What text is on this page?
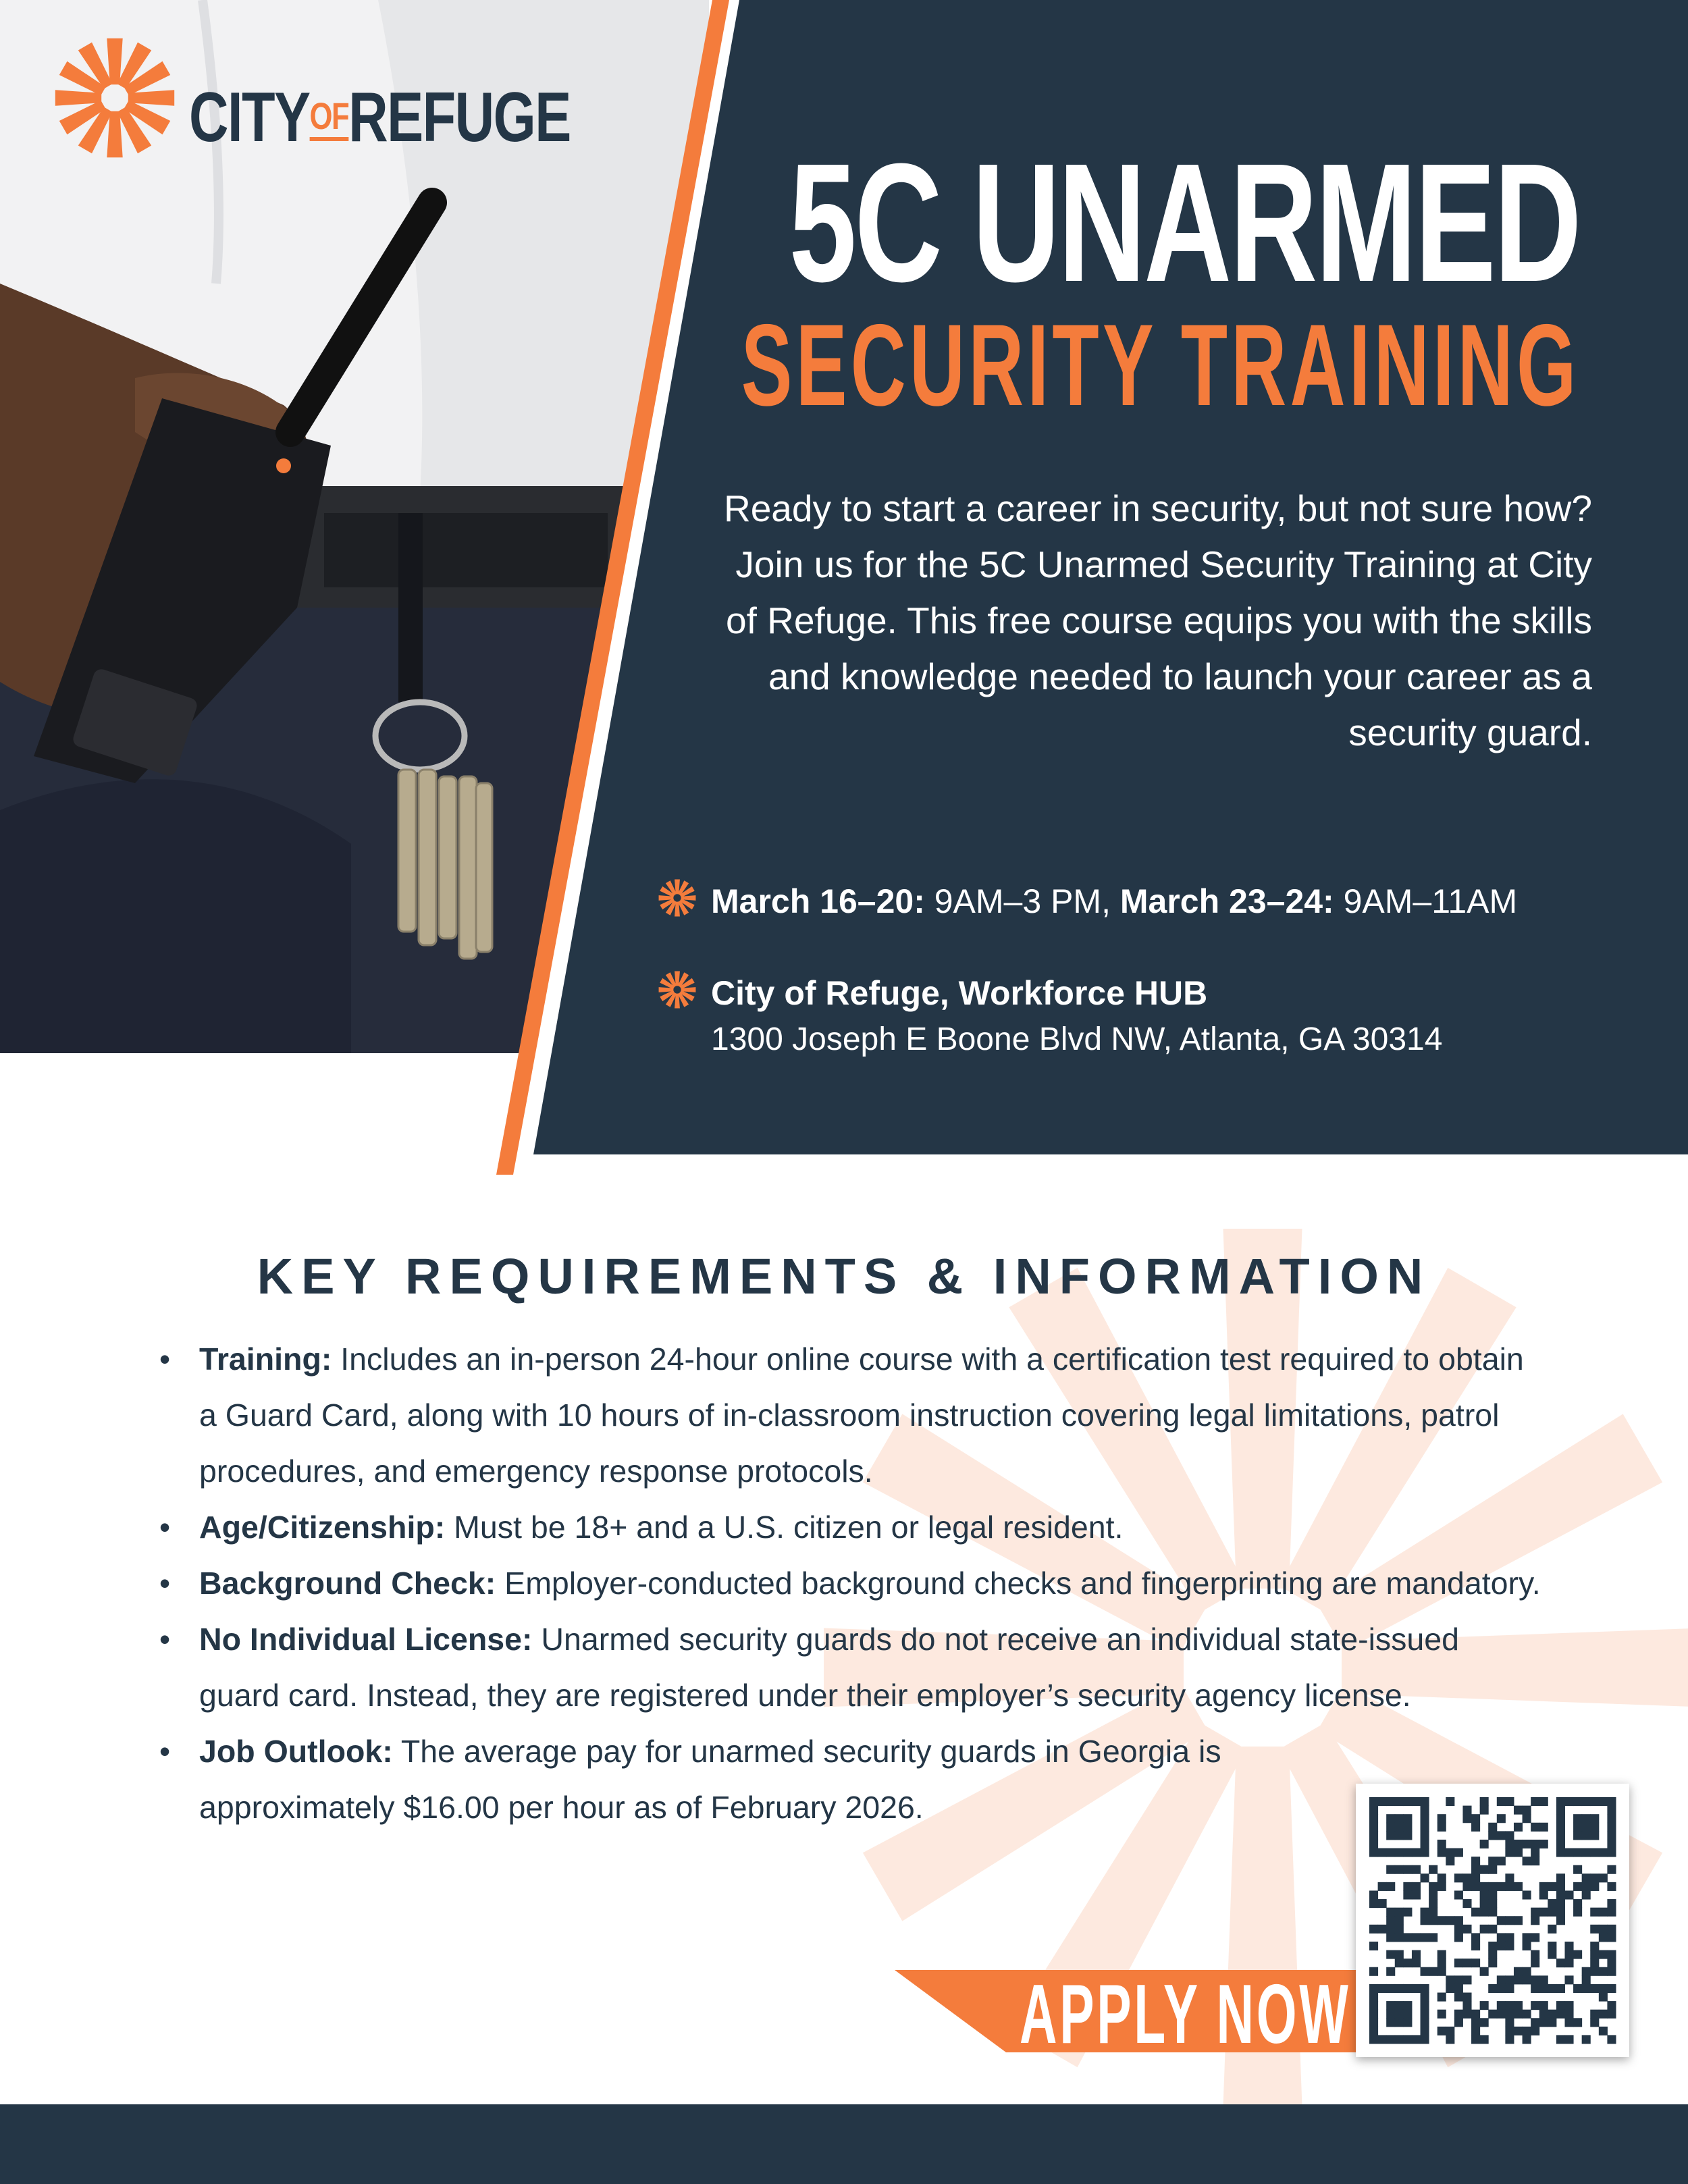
CITYOFREFUGE
5C UNARMED
SECURITY TRAINING
Ready to start a career in security, but not sure how? Join us for the 5C Unarmed Security Training at City of Refuge. This free course equips you with the skills and knowledge needed to launch your career as a security guard.
March 16–20: 9AM–3 PM, March 23–24: 9AM–11AM
City of Refuge, Workforce HUB
1300 Joseph E Boone Blvd NW, Atlanta, GA 30314
KEY REQUIREMENTS & INFORMATION
• Training: Includes an in-person 24-hour online course with a certification test required to obtain a Guard Card, along with 10 hours of in-classroom instruction covering legal limitations, patrol procedures, and emergency response protocols.
• Age/Citizenship: Must be 18+ and a U.S. citizen or legal resident.
• Background Check: Employer-conducted background checks and fingerprinting are mandatory.
• No Individual License: Unarmed security guards do not receive an individual state-issued guard card. Instead, they are registered under their employer’s security agency license.
• Job Outlook: The average pay for unarmed security guards in Georgia is approximately $16.00 per hour as of February 2026.
APPLY NOW
